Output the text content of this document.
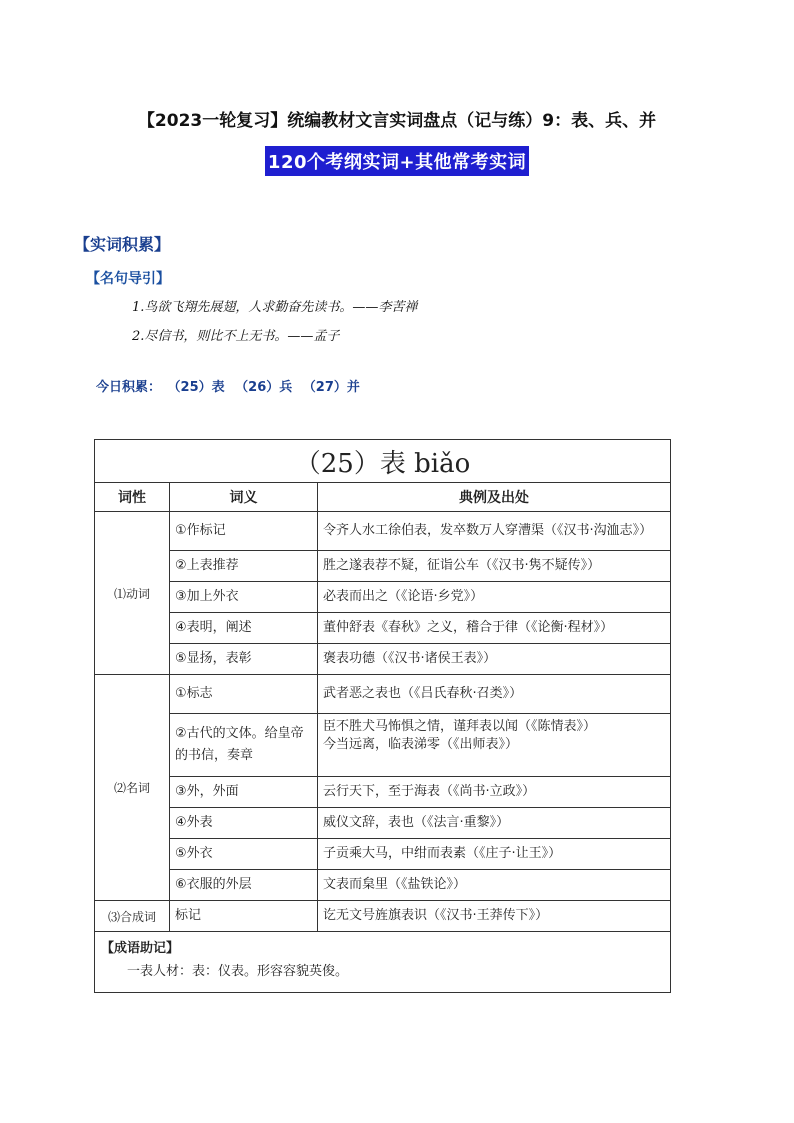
【2023一轮复习】统编教材文言实词盘点（记与练）9：表、兵、并
120个考纲实词+其他常考实词
【实词积累】
【名句导引】
1.鸟欲飞翔先展翅，人求勤奋先读书。——李苦禅
2.尽信书，则比不上无书。——孟子
今日积累： （25）表 （26）兵 （27）并
（25）表 biǎo		
词性	词义	典例及出处
⑴动词	①作标记	令齐人水工徐伯表，发卒数万人穿漕渠（《汉书·沟洫志》）
	②上表推荐	胜之遂表荐不疑，征诣公车（《汉书·隽不疑传》）
	③加上外衣	必表而出之（《论语·乡党》）
	④表明，阐述	董仲舒表《春秋》之义，稽合于律（《论衡·程材》）
	⑤显扬，表彰	褒表功德（《汉书·诸侯王表》）
⑵名词	①标志	武者恶之表也（《吕氏春秋·召类》）
	②古代的文体。给皇帝的书信，奏章	臣不胜犬马怖惧之情，谨拜表以闻（《陈情表》）
今当远离，临表涕零（《出师表》）

	③外，外面	云行天下，至于海表（《尚书·立政》）
	④外表	威仪文辞，表也（《法言·重黎》）
	⑤外衣	子贡乘大马，中绀而表素（《庄子·让王》）
	⑥衣服的外层	文表而枲里（《盐铁论》）
⑶合成词	标记	讫无文号旌旗表识（《汉书·王莽传下》）

【成语助记】
一表人材：表：仪表。形容容貌英俊。		
